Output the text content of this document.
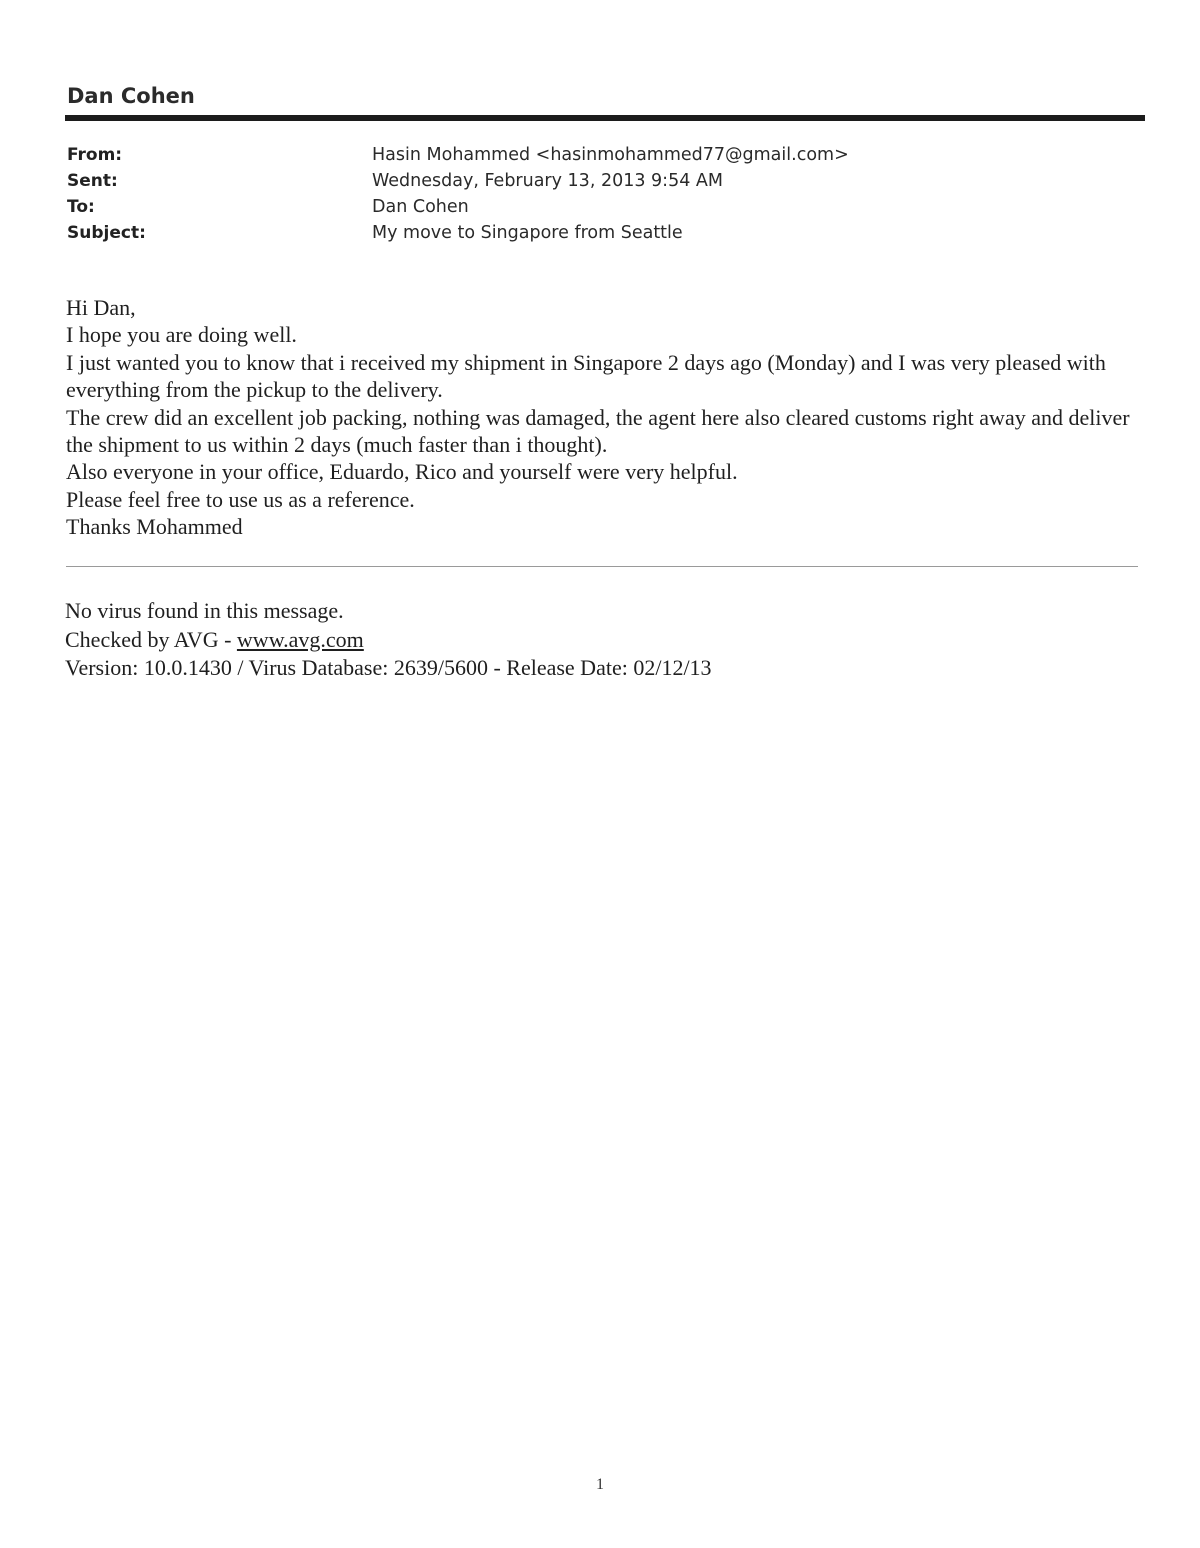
Dan Cohen
From:	Hasin Mohammed <hasinmohammed77@gmail.com>
Sent:	Wednesday, February 13, 2013 9:54 AM
To:	Dan Cohen
Subject:	My move to Singapore from Seattle

Hi Dan,

I hope you are doing well.

I just wanted you to know that i received my shipment in Singapore 2 days ago (Monday) and I was very pleased with everything from the pickup to the delivery.

The crew did an excellent job packing, nothing was damaged, the agent here also cleared customs right away and deliver the shipment to us within 2 days (much faster than i thought).

Also everyone in your office, Eduardo, Rico and yourself were very helpful.

Please feel free to use us as a reference.

Thanks Mohammed

No virus found in this message.

Checked by AVG - www.avg.com

Version: 10.0.1430 / Virus Database: 2639/5600 - Release Date: 02/12/13

1
